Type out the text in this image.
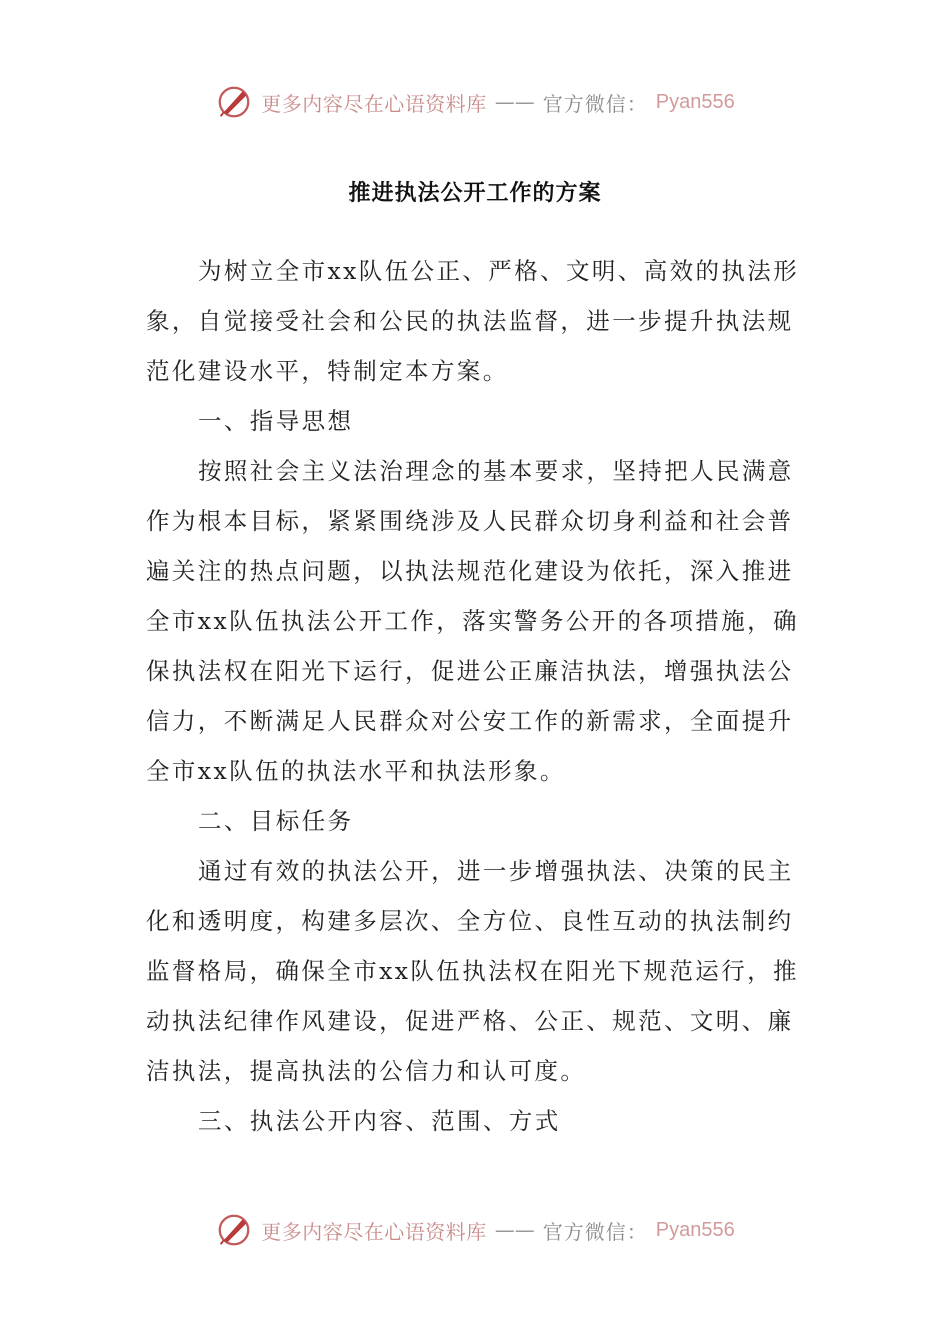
更多内容尽在心语资料库 —— 官方微信： Pyan556
推进执法公开工作的方案
为树立全市xx队伍公正、严格、文明、高效的执法形
象，自觉接受社会和公民的执法监督，进一步提升执法规
范化建设水平，特制定本方案。
一、指导思想
按照社会主义法治理念的基本要求，坚持把人民满意
作为根本目标，紧紧围绕涉及人民群众切身利益和社会普
遍关注的热点问题，以执法规范化建设为依托，深入推进
全市xx队伍执法公开工作，落实警务公开的各项措施，确
保执法权在阳光下运行，促进公正廉洁执法，增强执法公
信力，不断满足人民群众对公安工作的新需求，全面提升
全市xx队伍的执法水平和执法形象。
二、目标任务
通过有效的执法公开，进一步增强执法、决策的民主
化和透明度，构建多层次、全方位、良性互动的执法制约
监督格局，确保全市xx队伍执法权在阳光下规范运行，推
动执法纪律作风建设，促进严格、公正、规范、文明、廉
洁执法，提高执法的公信力和认可度。
三、执法公开内容、范围、方式
更多内容尽在心语资料库 —— 官方微信： Pyan556
